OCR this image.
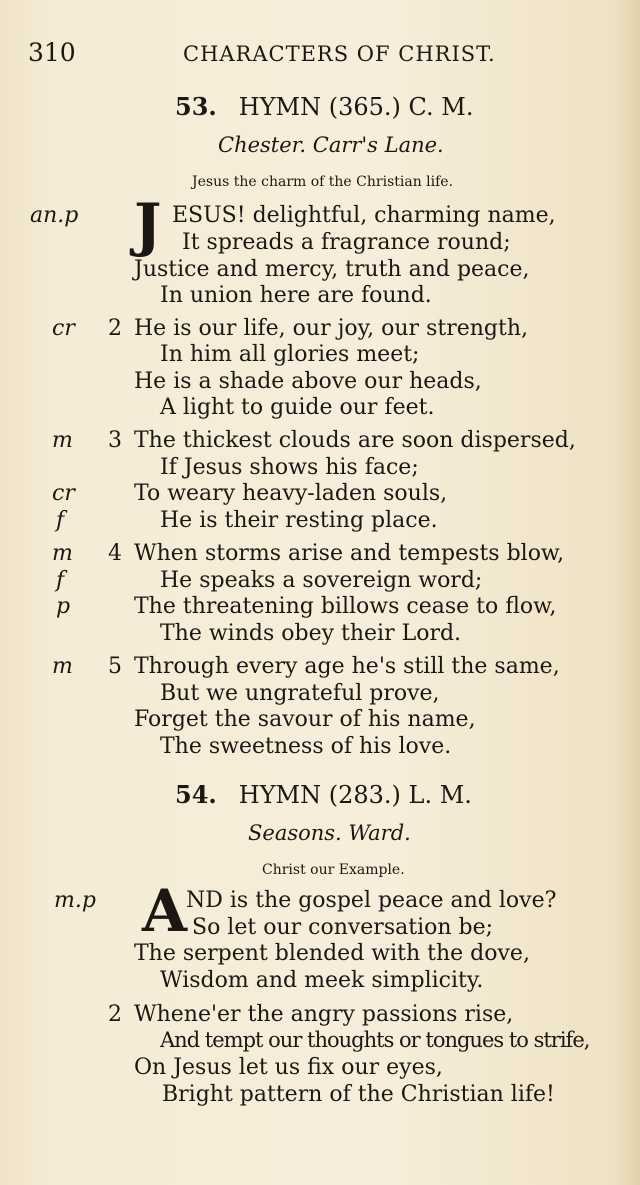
310	CHARACTERS OF CHRIST.
53. HYMN (365.) C. M.
Chester. Carr's Lane.
Jesus the charm of the Christian life.
an.p J ESUS! delightful, charming name,
It spreads a fragrance round;
Justice and mercy, truth and peace,
In union here are found.
cr 2 He is our life, our joy, our strength,
In him all glories meet;
He is a shade above our heads,
A light to guide our feet.
m 3 The thickest clouds are soon dispersed,
If Jesus shows his face;
cr	To weary heavy-laden souls,
f	He is their resting place.
m 4 When storms arise and tempests blow,
f	He speaks a sovereign word;
p	The threatening billows cease to flow,
The winds obey their Lord.
m 5 Through every age he's still the same,
But we ungrateful prove,
Forget the savour of his name,
The sweetness of his love.
54. HYMN (283.) L. M.
Seasons. Ward.
Christ our Example.
m.p A
ND is the gospel peace and love?
So let our conversation be;
The serpent blended with the dove,
Wisdom and meek simplicity.
2 Whene'er the angry passions rise,
And tempt our thoughts or tongues to strife,
On Jesus let us fix our eyes,
Bright pattern of the Christian life!
